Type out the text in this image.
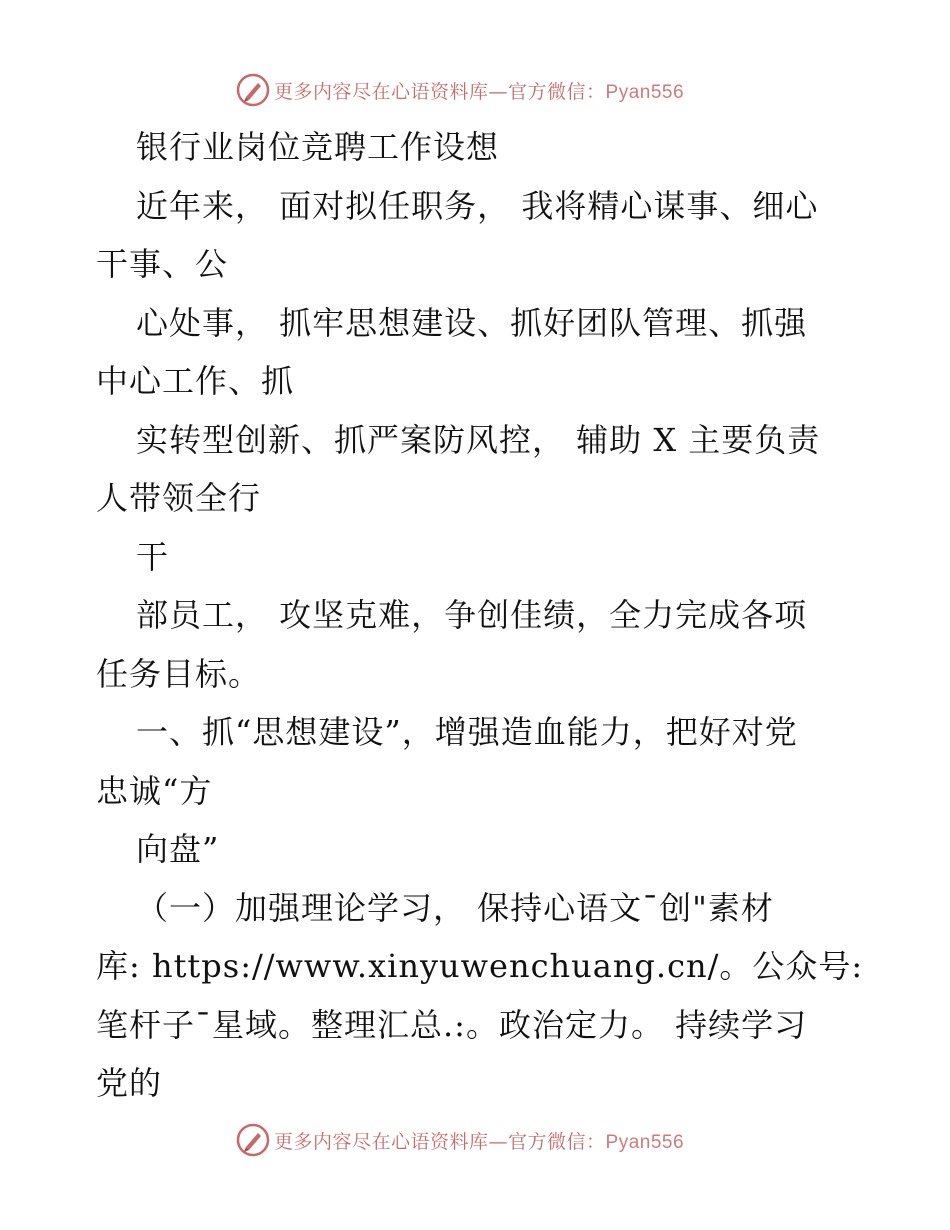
更多内容尽在心语资料库—官方微信：Pyan556
银行业岗位竞聘工作设想
近年来， 面对拟任职务， 我将精心谋事、细心
干事、公
心处事， 抓牢思想建设、抓好团队管理、抓强
中心工作、抓
实转型创新、抓严案防风控， 辅助 X 主要负责
人带领全行
干
部员工， 攻坚克难，争创佳绩，全力完成各项
任务目标。
一、抓“思想建设”，增强造血能力，把好对党
忠诚“方
向盘”
（一）加强理论学习， 保持心语文¯创"素材
库: https://www.xinyuwenchuang.cn/。公众号:
笔杆子¯星域。整理汇总.:。政治定力。 持续学习
党的
更多内容尽在心语资料库—官方微信：Pyan556
